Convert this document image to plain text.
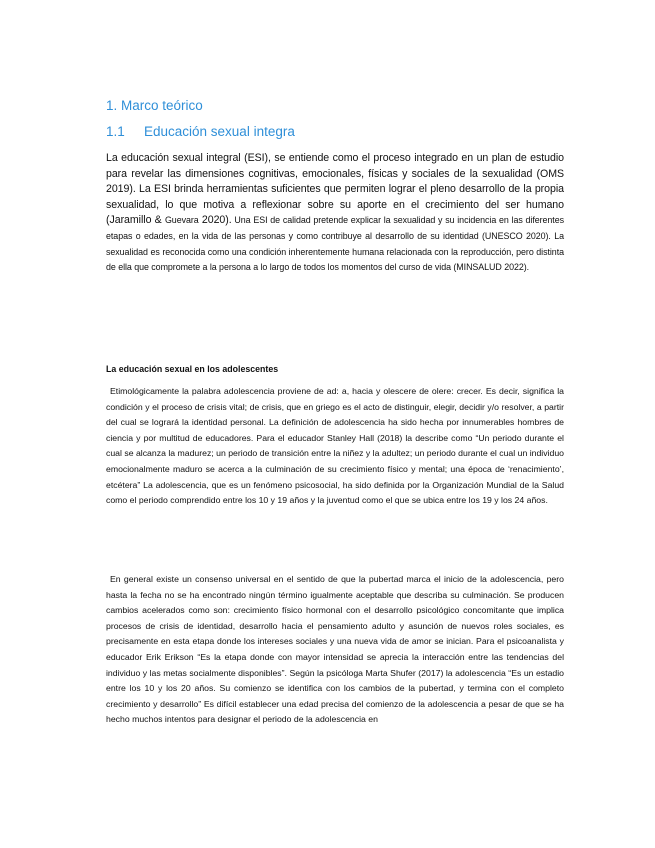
1. Marco teórico
1.1 Educación sexual integra
La educación sexual integral (ESI), se entiende como el proceso integrado en un plan de estudio para revelar las dimensiones cognitivas, emocionales, físicas y sociales de la sexualidad (OMS 2019). La ESI brinda herramientas suficientes que permiten lograr el pleno desarrollo de la propia sexualidad, lo que motiva a reflexionar sobre su aporte en el crecimiento del ser humano (Jaramillo & Guevara 2020). Una ESI de calidad pretende explicar la sexualidad y su incidencia en las diferentes etapas o edades, en la vida de las personas y como contribuye al desarrollo de su identidad (UNESCO 2020). La sexualidad es reconocida como una condición inherentemente humana relacionada con la reproducción, pero distinta de ella que compromete a la persona a lo largo de todos los momentos del curso de vida (MINSALUD 2022).
La educación sexual en los adolescentes
Etimológicamente la palabra adolescencia proviene de ad: a, hacia y olescere de olere: crecer. Es decir, significa la condición y el proceso de crisis vital; de crisis, que en griego es el acto de distinguir, elegir, decidir y/o resolver, a partir del cual se logrará la identidad personal. La definición de adolescencia ha sido hecha por innumerables hombres de ciencia y por multitud de educadores. Para el educador Stanley Hall (2018) la describe como “Un periodo durante el cual se alcanza la madurez; un periodo de transición entre la niñez y la adultez; un periodo durante el cual un individuo emocionalmente maduro se acerca a la culminación de su crecimiento físico y mental; una época de ‘renacimiento’, etcétera” La adolescencia, que es un fenómeno psicosocial, ha sido definida por la Organización Mundial de la Salud como el periodo comprendido entre los 10 y 19 años y la juventud como el que se ubica entre los 19 y los 24 años.
En general existe un consenso universal en el sentido de que la pubertad marca el inicio de la adolescencia, pero hasta la fecha no se ha encontrado ningún término igualmente aceptable que describa su culminación. Se producen cambios acelerados como son: crecimiento físico hormonal con el desarrollo psicológico concomitante que implica procesos de crisis de identidad, desarrollo hacia el pensamiento adulto y asunción de nuevos roles sociales, es precisamente en esta etapa donde los intereses sociales y una nueva vida de amor se inician. Para el psicoanalista y educador Erik Erikson “Es la etapa donde con mayor intensidad se aprecia la interacción entre las tendencias del individuo y las metas socialmente disponibles”. Según la psicóloga Marta Shufer (2017) la adolescencia “Es un estadio entre los 10 y los 20 años. Su comienzo se identifica con los cambios de la pubertad, y termina con el completo crecimiento y desarrollo” Es difícil establecer una edad precisa del comienzo de la adolescencia a pesar de que se ha hecho muchos intentos para designar el periodo de la adolescencia en
